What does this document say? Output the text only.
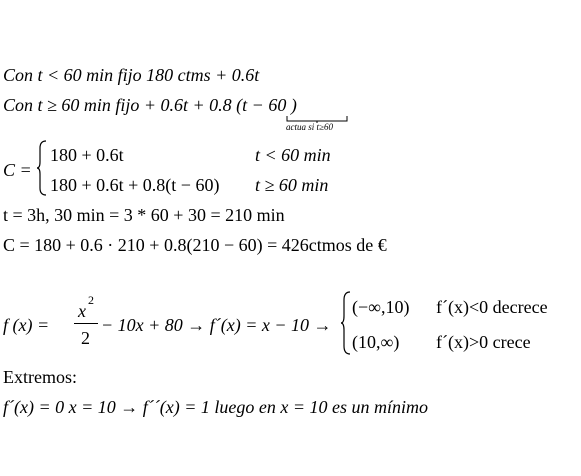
Con t < 60 min fijo 180 ctms + 0.6t
Con t ≥ 60 min fijo + 0.6t + 0.8 (t − 60 )
actua si t≥60
C =
180 + 0.6t	t < 60 min
180 + 0.6t + 0.8(t − 60) t ≥ 60 min
t = 3h, 30 min = 3 * 60 + 30 = 210 min
C = 180 + 0.6 · 210 + 0.8(210 − 60) = 426ctmos de €
f (x) =
x
2
2
− 10x + 80 → f´(x) = x − 10 →
(−∞,10) f´(x)<0 decrece
(10,∞) f´(x)>0 crece
Extremos:
f´(x) = 0 x = 10 → f´´(x) = 1 luego en x = 10 es un mínimo
